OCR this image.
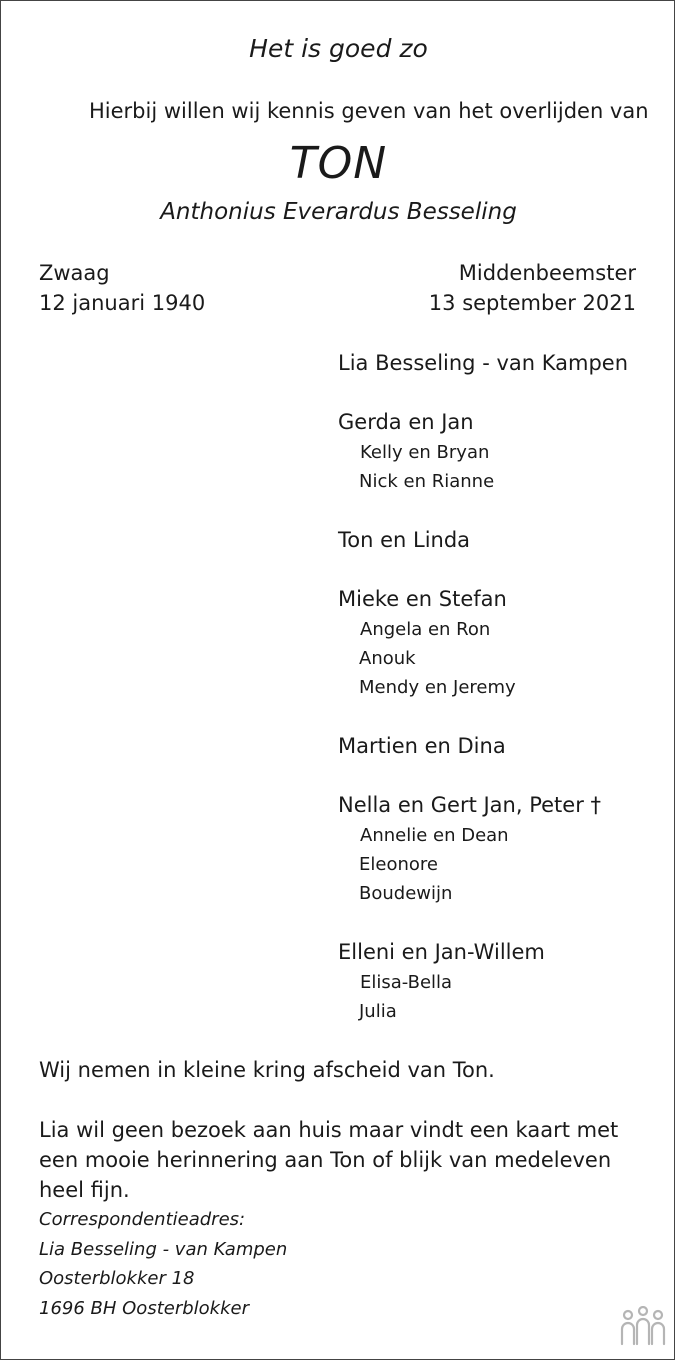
Het is goed zo
Hierbij willen wij kennis geven van het overlijden van
TON
Anthonius Everardus Besseling
Zwaag
12 januari 1940
Middenbeemster
13 september 2021
Lia Besseling - van Kampen
Gerda en Jan
Kelly en Bryan
Nick en Rianne
Ton en Linda
Mieke en Stefan
Angela en Ron
Anouk
Mendy en Jeremy
Martien en Dina
Nella en Gert Jan, Peter †
Annelie en Dean
Eleonore
Boudewijn
Elleni en Jan-Willem
Elisa-Bella
Julia
Wij nemen in kleine kring afscheid van Ton.
Lia wil geen bezoek aan huis maar vindt een kaart met een mooie herinnering aan Ton of blijk van medeleven heel fijn.
Correspondentieadres:
Lia Besseling - van Kampen
Oosterblokker 18
1696 BH Oosterblokker
